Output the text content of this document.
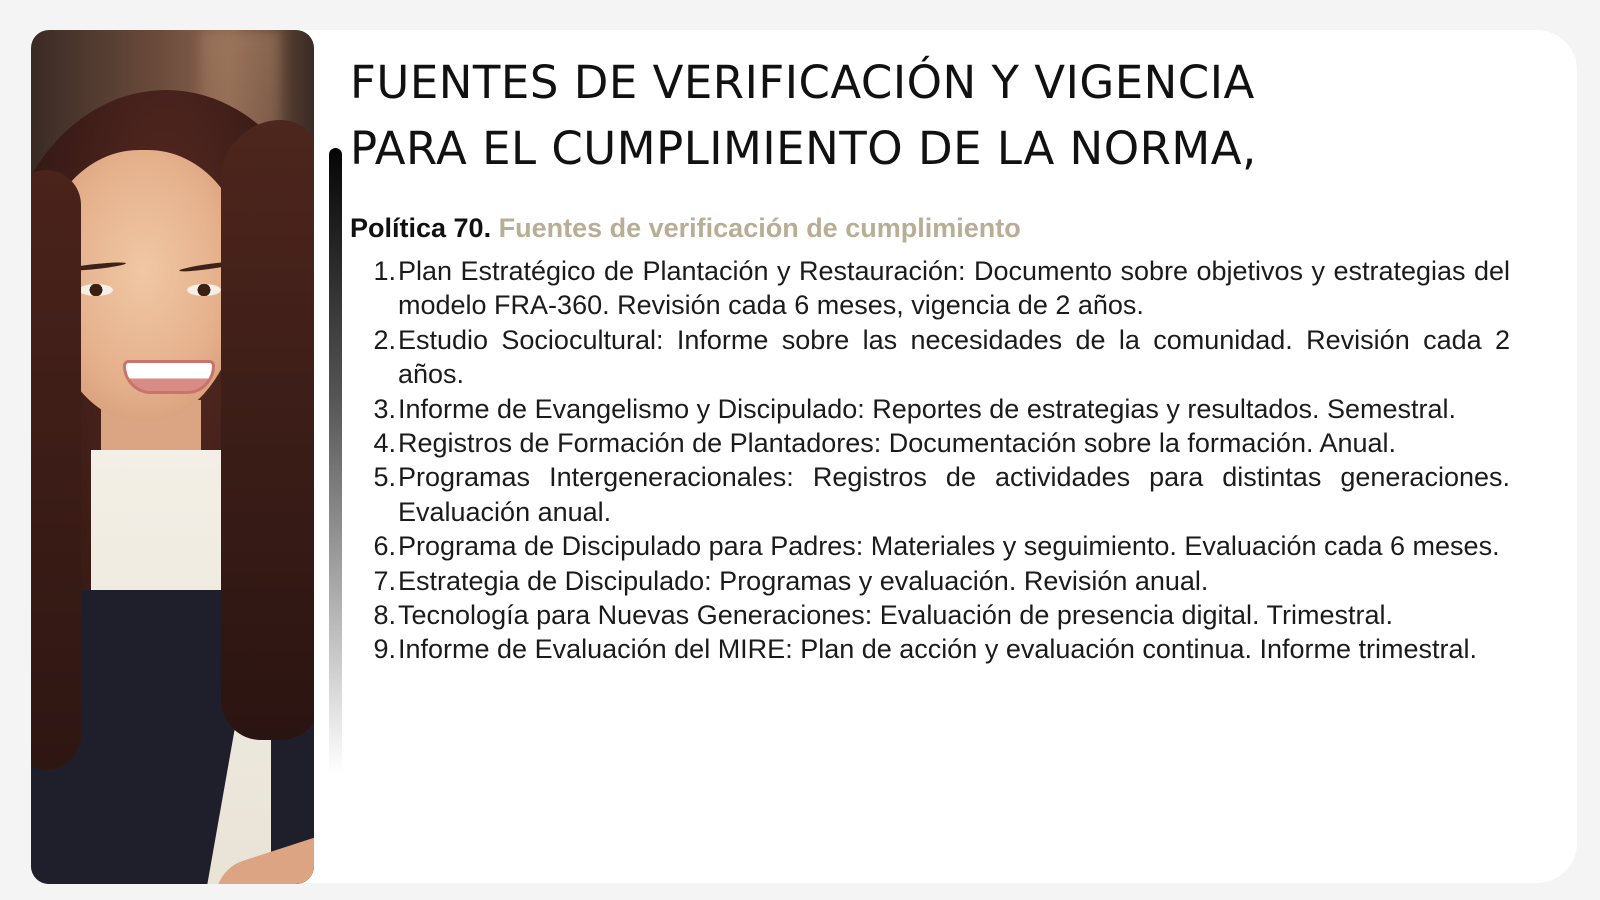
FUENTES DE VERIFICACIÓN Y VIGENCIA
PARA EL CUMPLIMIENTO DE LA NORMA,
Política 70. Fuentes de verificación de cumplimiento
1. Plan Estratégico de Plantación y Restauración: Documento sobre objetivos y estrategias del modelo FRA-360. Revisión cada 6 meses, vigencia de 2 años.
2. Estudio Sociocultural: Informe sobre las necesidades de la comunidad. Revisión cada 2 años.
3. Informe de Evangelismo y Discipulado: Reportes de estrategias y resultados. Semestral.
4. Registros de Formación de Plantadores: Documentación sobre la formación. Anual.
5. Programas Intergeneracionales: Registros de actividades para distintas generaciones. Evaluación anual.
6. Programa de Discipulado para Padres: Materiales y seguimiento. Evaluación cada 6 meses.
7. Estrategia de Discipulado: Programas y evaluación. Revisión anual.
8. Tecnología para Nuevas Generaciones: Evaluación de presencia digital. Trimestral.
9. Informe de Evaluación del MIRE: Plan de acción y evaluación continua. Informe trimestral.
